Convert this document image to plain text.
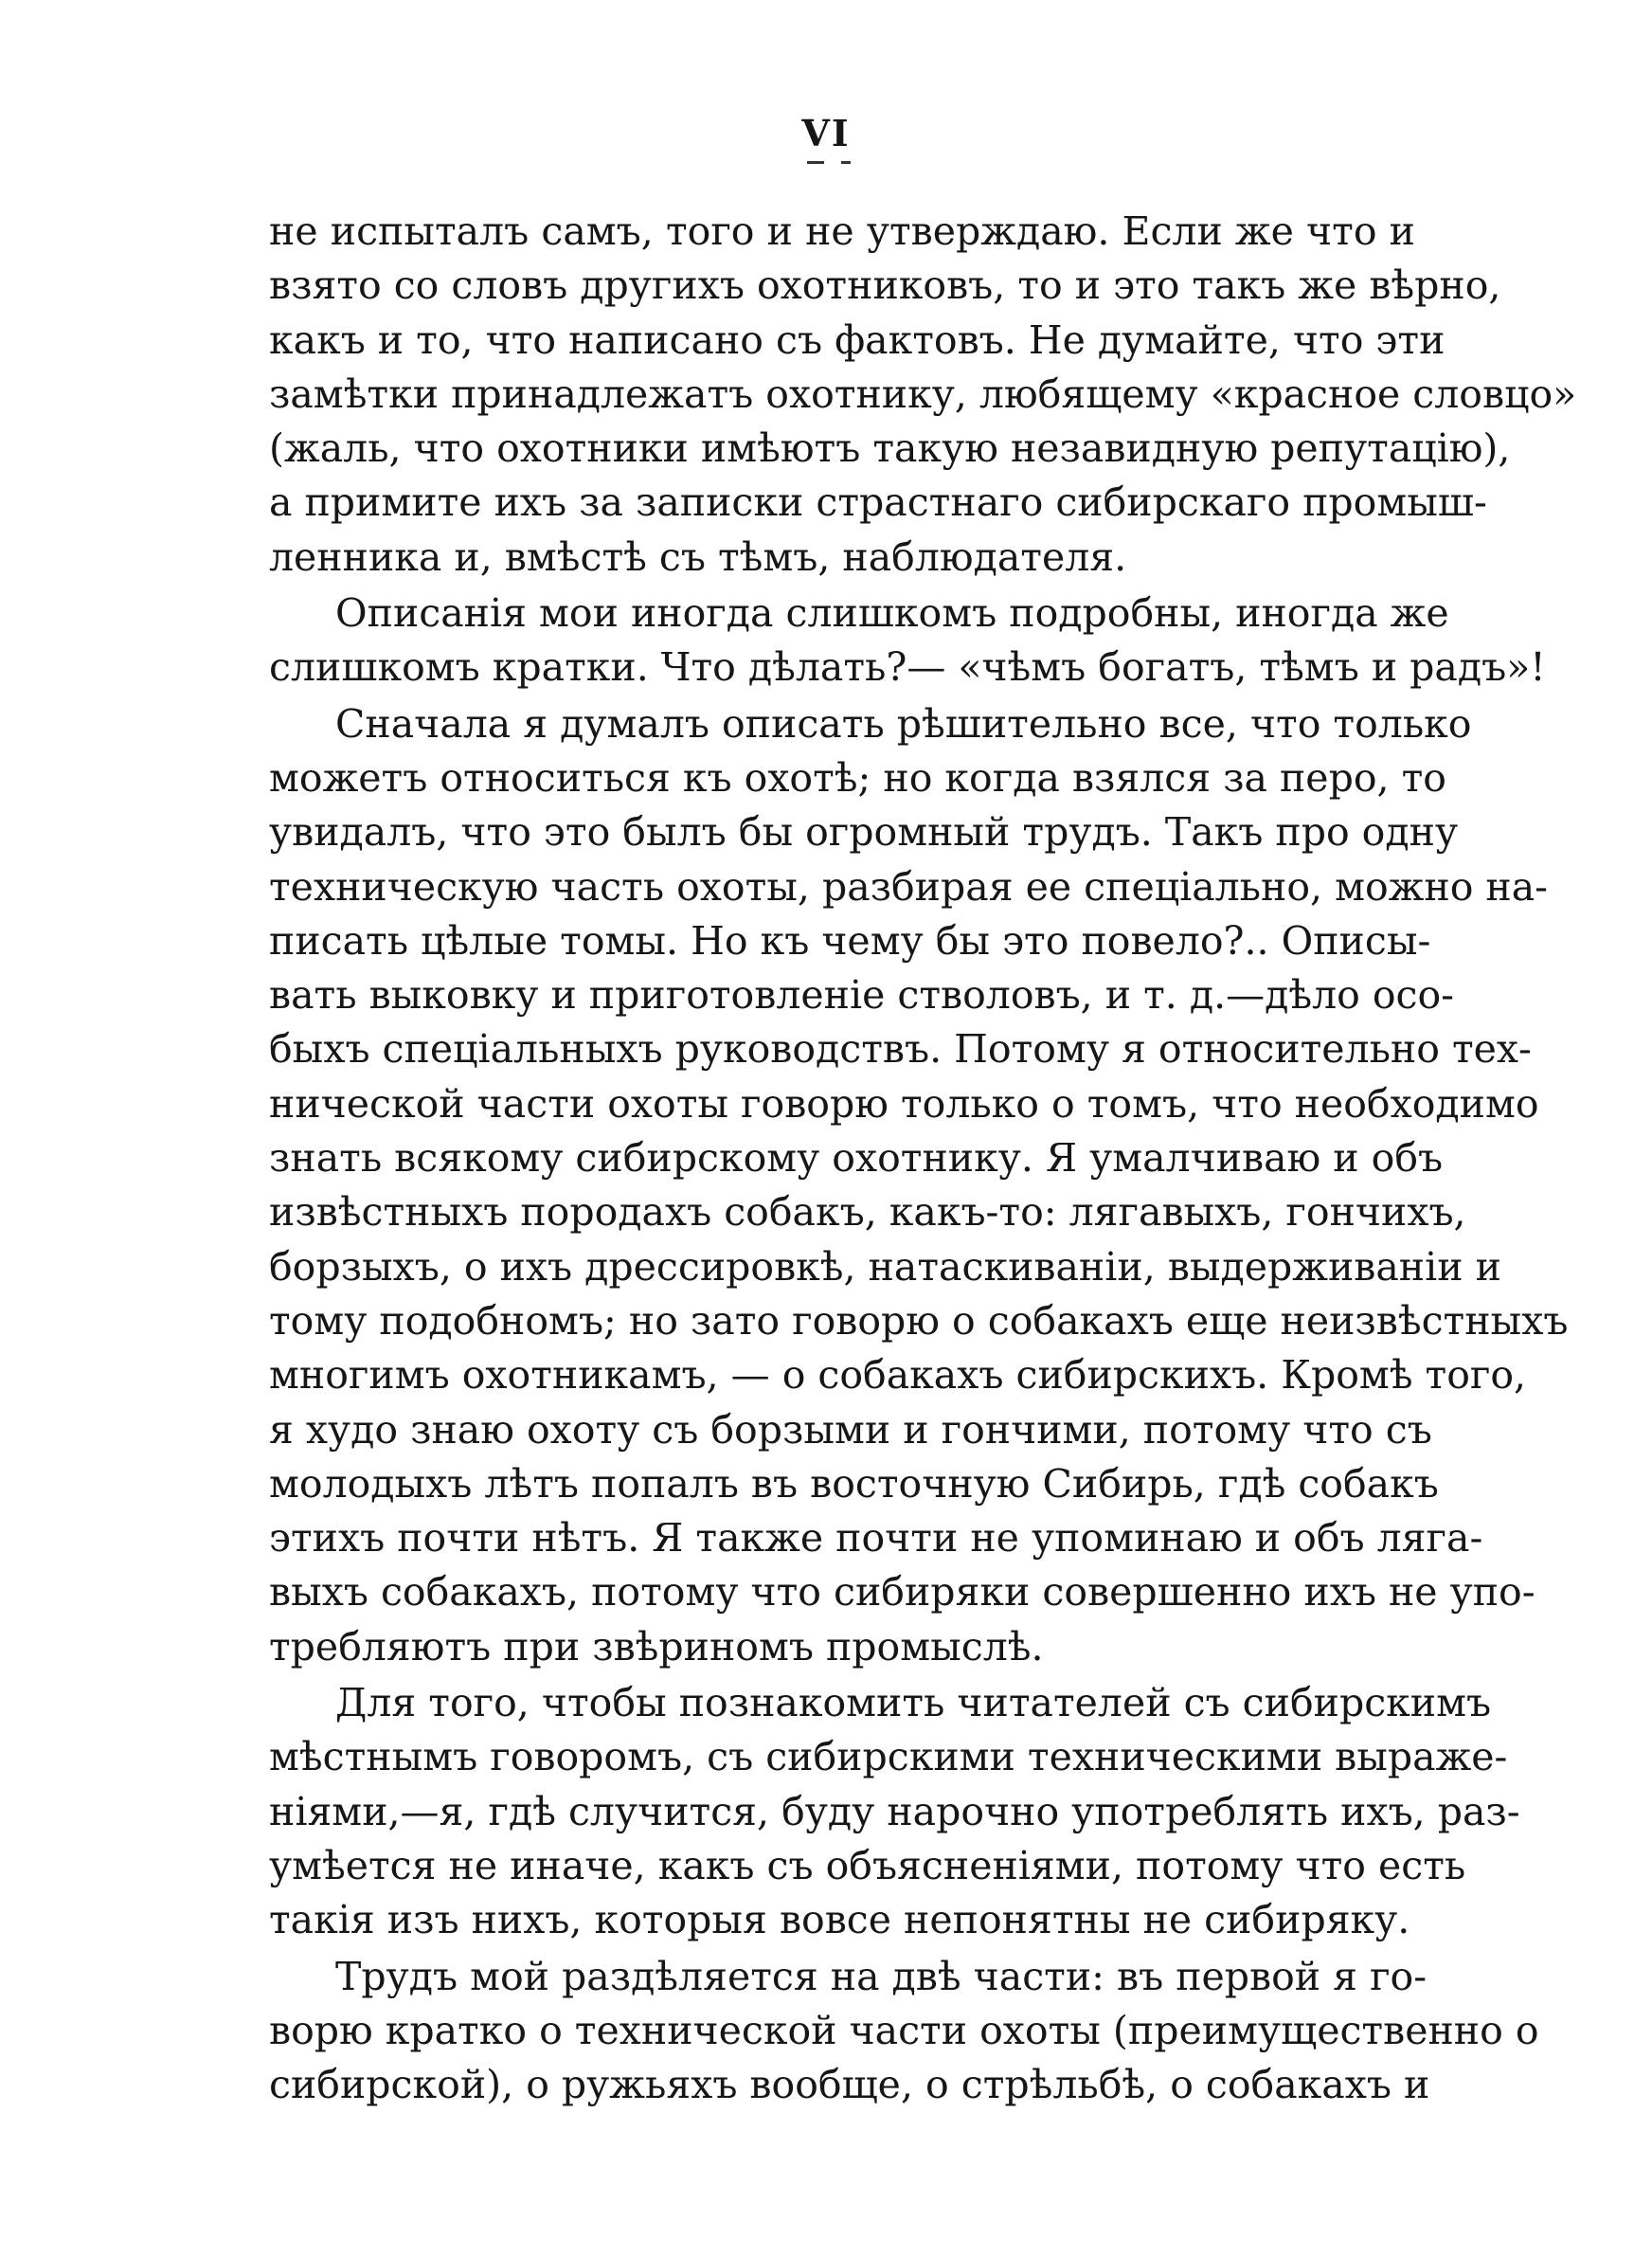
VI
не испыталъ самъ, того и не утверждаю. Если же что и
взято со словъ другихъ охотниковъ, то и это такъ же вѣрно,
какъ и то, что написано съ фактовъ. Не думайте, что эти
замѣтки принадлежатъ охотнику, любящему «красное словцо»
(жаль, что охотники имѣютъ такую незавидную репутацію),
а примите ихъ за записки страстнаго сибирскаго промыш-
ленника и, вмѣстѣ съ тѣмъ, наблюдателя.
Описанія мои иногда слишкомъ подробны, иногда же
слишкомъ кратки. Что дѣлать?— «чѣмъ богатъ, тѣмъ и радъ»!
Сначала я думалъ описать рѣшительно все, что только
можетъ относиться къ охотѣ; но когда взялся за перо, то
увидалъ, что это былъ бы огромный трудъ. Такъ про одну
техническую часть охоты, разбирая ее спеціально, можно на-
писать цѣлые томы. Но къ чему бы это повело?.. Описы-
вать выковку и приготовленіе стволовъ, и т. д.—дѣло осо-
быхъ спеціальныхъ руководствъ. Потому я относительно тех-
нической части охоты говорю только о томъ, что необходимо
знать всякому сибирскому охотнику. Я умалчиваю и объ
извѣстныхъ породахъ собакъ, какъ-то: лягавыхъ, гончихъ,
борзыхъ, о ихъ дрессировкѣ, натаскиваніи, выдерживаніи и
тому подобномъ; но зато говорю о собакахъ еще неизвѣстныхъ
многимъ охотникамъ, — о собакахъ сибирскихъ. Кромѣ того,
я худо знаю охоту съ борзыми и гончими, потому что съ
молодыхъ лѣтъ попалъ въ восточную Сибирь, гдѣ собакъ
этихъ почти нѣтъ. Я также почти не упоминаю и объ ляга-
выхъ собакахъ, потому что сибиряки совершенно ихъ не упо-
требляютъ при звѣриномъ промыслѣ.
Для того, чтобы познакомить читателей съ сибирскимъ
мѣстнымъ говоромъ, съ сибирскими техническими выраже-
ніями,—я, гдѣ случится, буду нарочно употреблять ихъ, раз-
умѣется не иначе, какъ съ объясненіями, потому что есть
такія изъ нихъ, которыя вовсе непонятны не сибиряку.
Трудъ мой раздѣляется на двѣ части: въ первой я го-
ворю кратко о технической части охоты (преимущественно о
сибирской), о ружьяхъ вообще, о стрѣльбѣ, о собакахъ и
